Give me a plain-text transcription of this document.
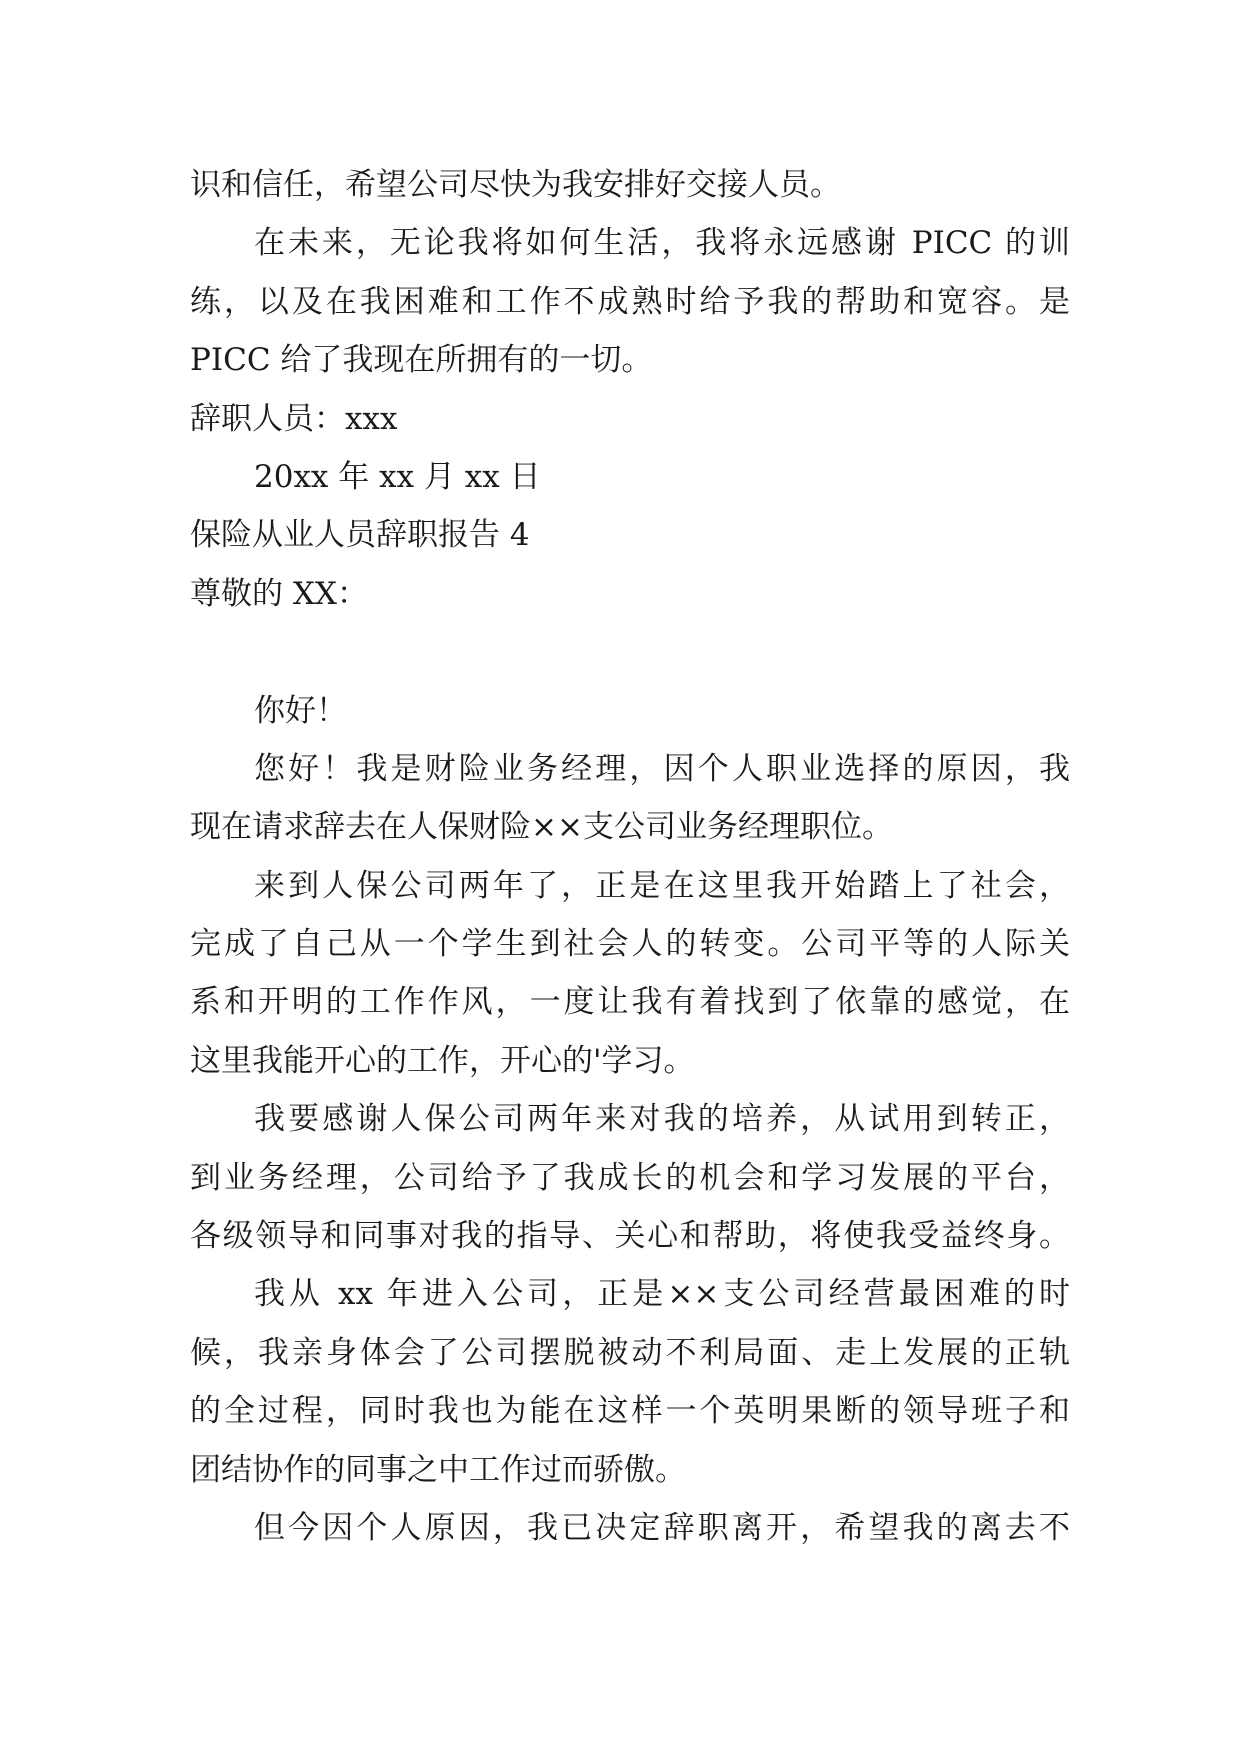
识和信任，希望公司尽快为我安排好交接人员。
在未来，无论我将如何生活，我将永远感谢 PICC 的训
练，以及在我困难和工作不成熟时给予我的帮助和宽容。是
PICC 给了我现在所拥有的一切。
辞职人员：xxx
20xx 年 xx 月 xx 日
保险从业人员辞职报告 4
尊敬的 XX：
你好！
您好！我是财险业务经理，因个人职业选择的原因，我
现在请求辞去在人保财险××支公司业务经理职位。
来到人保公司两年了，正是在这里我开始踏上了社会，
完成了自己从一个学生到社会人的转变。公司平等的人际关
系和开明的工作作风，一度让我有着找到了依靠的感觉，在
这里我能开心的工作，开心的'学习。
我要感谢人保公司两年来对我的培养，从试用到转正，
到业务经理，公司给予了我成长的机会和学习发展的平台，
各级领导和同事对我的指导、关心和帮助，将使我受益终身。
我从 xx 年进入公司，正是××支公司经营最困难的时
候，我亲身体会了公司摆脱被动不利局面、走上发展的正轨
的全过程，同时我也为能在这样一个英明果断的领导班子和
团结协作的同事之中工作过而骄傲。
但今因个人原因，我已决定辞职离开，希望我的离去不
